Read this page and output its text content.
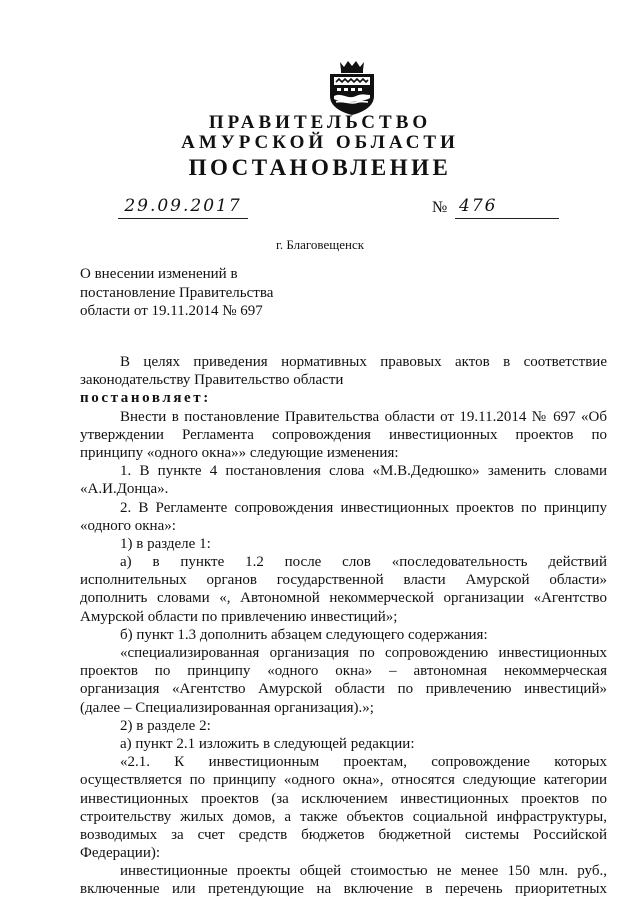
ПРАВИТЕЛЬСТВО
АМУРСКОЙ ОБЛАСТИ
ПОСТАНОВЛЕНИЕ
29.09.2017	№ 476
г. Благовещенск
О внесении изменений в
постановление Правительства
области от 19.11.2014 № 697
В целях приведения нормативных правовых актов в соответствие
законодательству Правительство области
постановляет:
Внести в постановление Правительства области от 19.11.2014 № 697 «Об
утверждении Регламента сопровождения инвестиционных проектов по
принципу «одного окна»» следующие изменения:
1. В пункте 4 постановления слова «М.В.Дедюшко» заменить словами
«А.И.Донца».
2. В Регламенте сопровождения инвестиционных проектов по принципу
«одного окна»:
1) в разделе 1:
а) в пункте 1.2 после слов «последовательность действий
исполнительных органов государственной власти Амурской области»
дополнить словами «, Автономной некоммерческой организации «Агентство
Амурской области по привлечению инвестиций»;
б) пункт 1.3 дополнить абзацем следующего содержания:
«специализированная организация по сопровождению инвестиционных
проектов по принципу «одного окна» – автономная некоммерческая
организация «Агентство Амурской области по привлечению инвестиций»
(далее – Специализированная организация).»;
2) в разделе 2:
а) пункт 2.1 изложить в следующей редакции:
«2.1. К инвестиционным проектам, сопровождение которых
осуществляется по принципу «одного окна», относятся следующие категории
инвестиционных проектов (за исключением инвестиционных проектов по
строительству жилых домов, а также объектов социальной инфраструктуры,
возводимых за счет средств бюджетов бюджетной системы Российской
Федерации):
инвестиционные проекты общей стоимостью не менее 150 млн. руб.,
включенные или претендующие на включение в перечень приоритетных
